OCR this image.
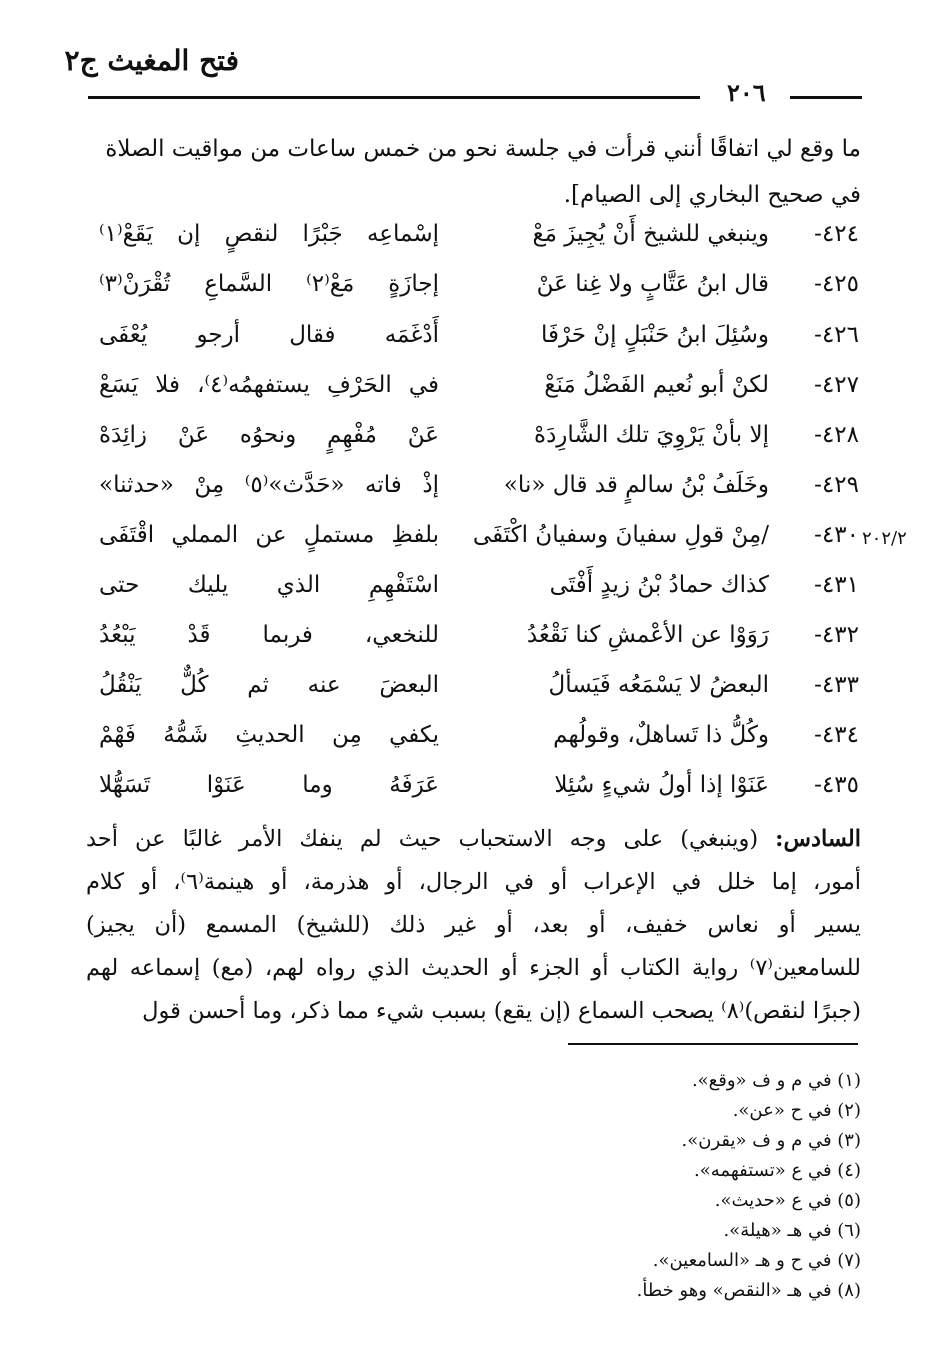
فتح المغيث ج٢
٢٠٦
ما وقع لي اتفاقًا أنني قرأت في جلسة نحو من خمس ساعات من مواقيت الصلاة
في صحيح البخاري إلى الصيام].
٢٠٢/٢
٤٢٤-
وينبغي للشيخ أَنْ يُجِيزَ مَعْ
إسْماعِه جَبْرًا لنقصٍ إن يَقَعْ⁽١⁾
٤٢٥-
قال ابنُ عَتَّابٍ ولا غِنا عَنْ
إجازَةٍ مَعْ⁽٢⁾ السَّماعِ تُقْرَنْ⁽٣⁾
٤٢٦-
وسُئِلَ ابنُ حَنْبَلٍ إنْ حَرْفَا
أَدْغَمَه فقال أرجو يُعْفَى
٤٢٧-
لكنْ أبو نُعيم الفَضْلُ مَنَعْ
في الحَرْفِ يستفهمُه⁽٤⁾، فلا يَسَعْ
٤٢٨-
إلا بأنْ يَرْوِيَ تلك الشَّارِدَهْ
عَنْ مُفْهِمٍ ونحوُه عَنْ زائِدَهْ
٤٢٩-
وخَلَفُ بْنُ سالمٍ قد قال «نا»
إذْ فاته «حَدَّث»⁽٥⁾ مِنْ «حدثنا»
٤٣٠-
/مِنْ قولِ سفيانَ وسفيانُ اكْتَفَى
بلفظِ مستملٍ عن المملي اقْتَفَى
٤٣١-
كذاك حمادُ بْنُ زيدٍ أَفْتَى
اسْتَفْهِمِ الذي يليك حتى
٤٣٢-
رَوَوْا عن الأعْمشِ كنا نَقْعُدُ
للنخعي، فربما قَدْ يَبْعُدُ
٤٣٣-
البعضُ لا يَسْمَعُه فَيَسألُ
البعضَ عنه ثم كُلٌّ يَنْقُلُ
٤٣٤-
وكُلُّ ذا تَساهلٌ، وقولُهم
يكفي مِن الحديثِ شَمُّهُ فَهْمْ
٤٣٥-
عَنَوْا إذا أولُ شيءٍ سُئِلا
عَرَفَهُ وما عَنَوْا تَسَهُّلا
السادس: (وينبغي) على وجه الاستحباب حيث لم ينفك الأمر غالبًا عن أحد
أمور، إما خلل في الإعراب أو في الرجال، أو هذرمة، أو هينمة⁽٦⁾، أو كلام
يسير أو نعاس خفيف، أو بعد، أو غير ذلك (للشيخ) المسمع (أن يجيز)
للسامعين⁽٧⁾ رواية الكتاب أو الجزء أو الحديث الذي رواه لهم، (مع) إسماعه لهم
(جبرًا لنقص)⁽٨⁾ يصحب السماع (إن يقع) بسبب شيء مما ذكر، وما أحسن قول
(١) في م و ف «وقع».
(٢) في ح «عن».
(٣) في م و ف «يقرن».
(٤) في ع «تستفهمه».
(٥) في ع «حديث».
(٦) في هـ «هيلة».
(٧) في ح و هـ «السامعين».
(٨) في هـ «النقص» وهو خطأ.
